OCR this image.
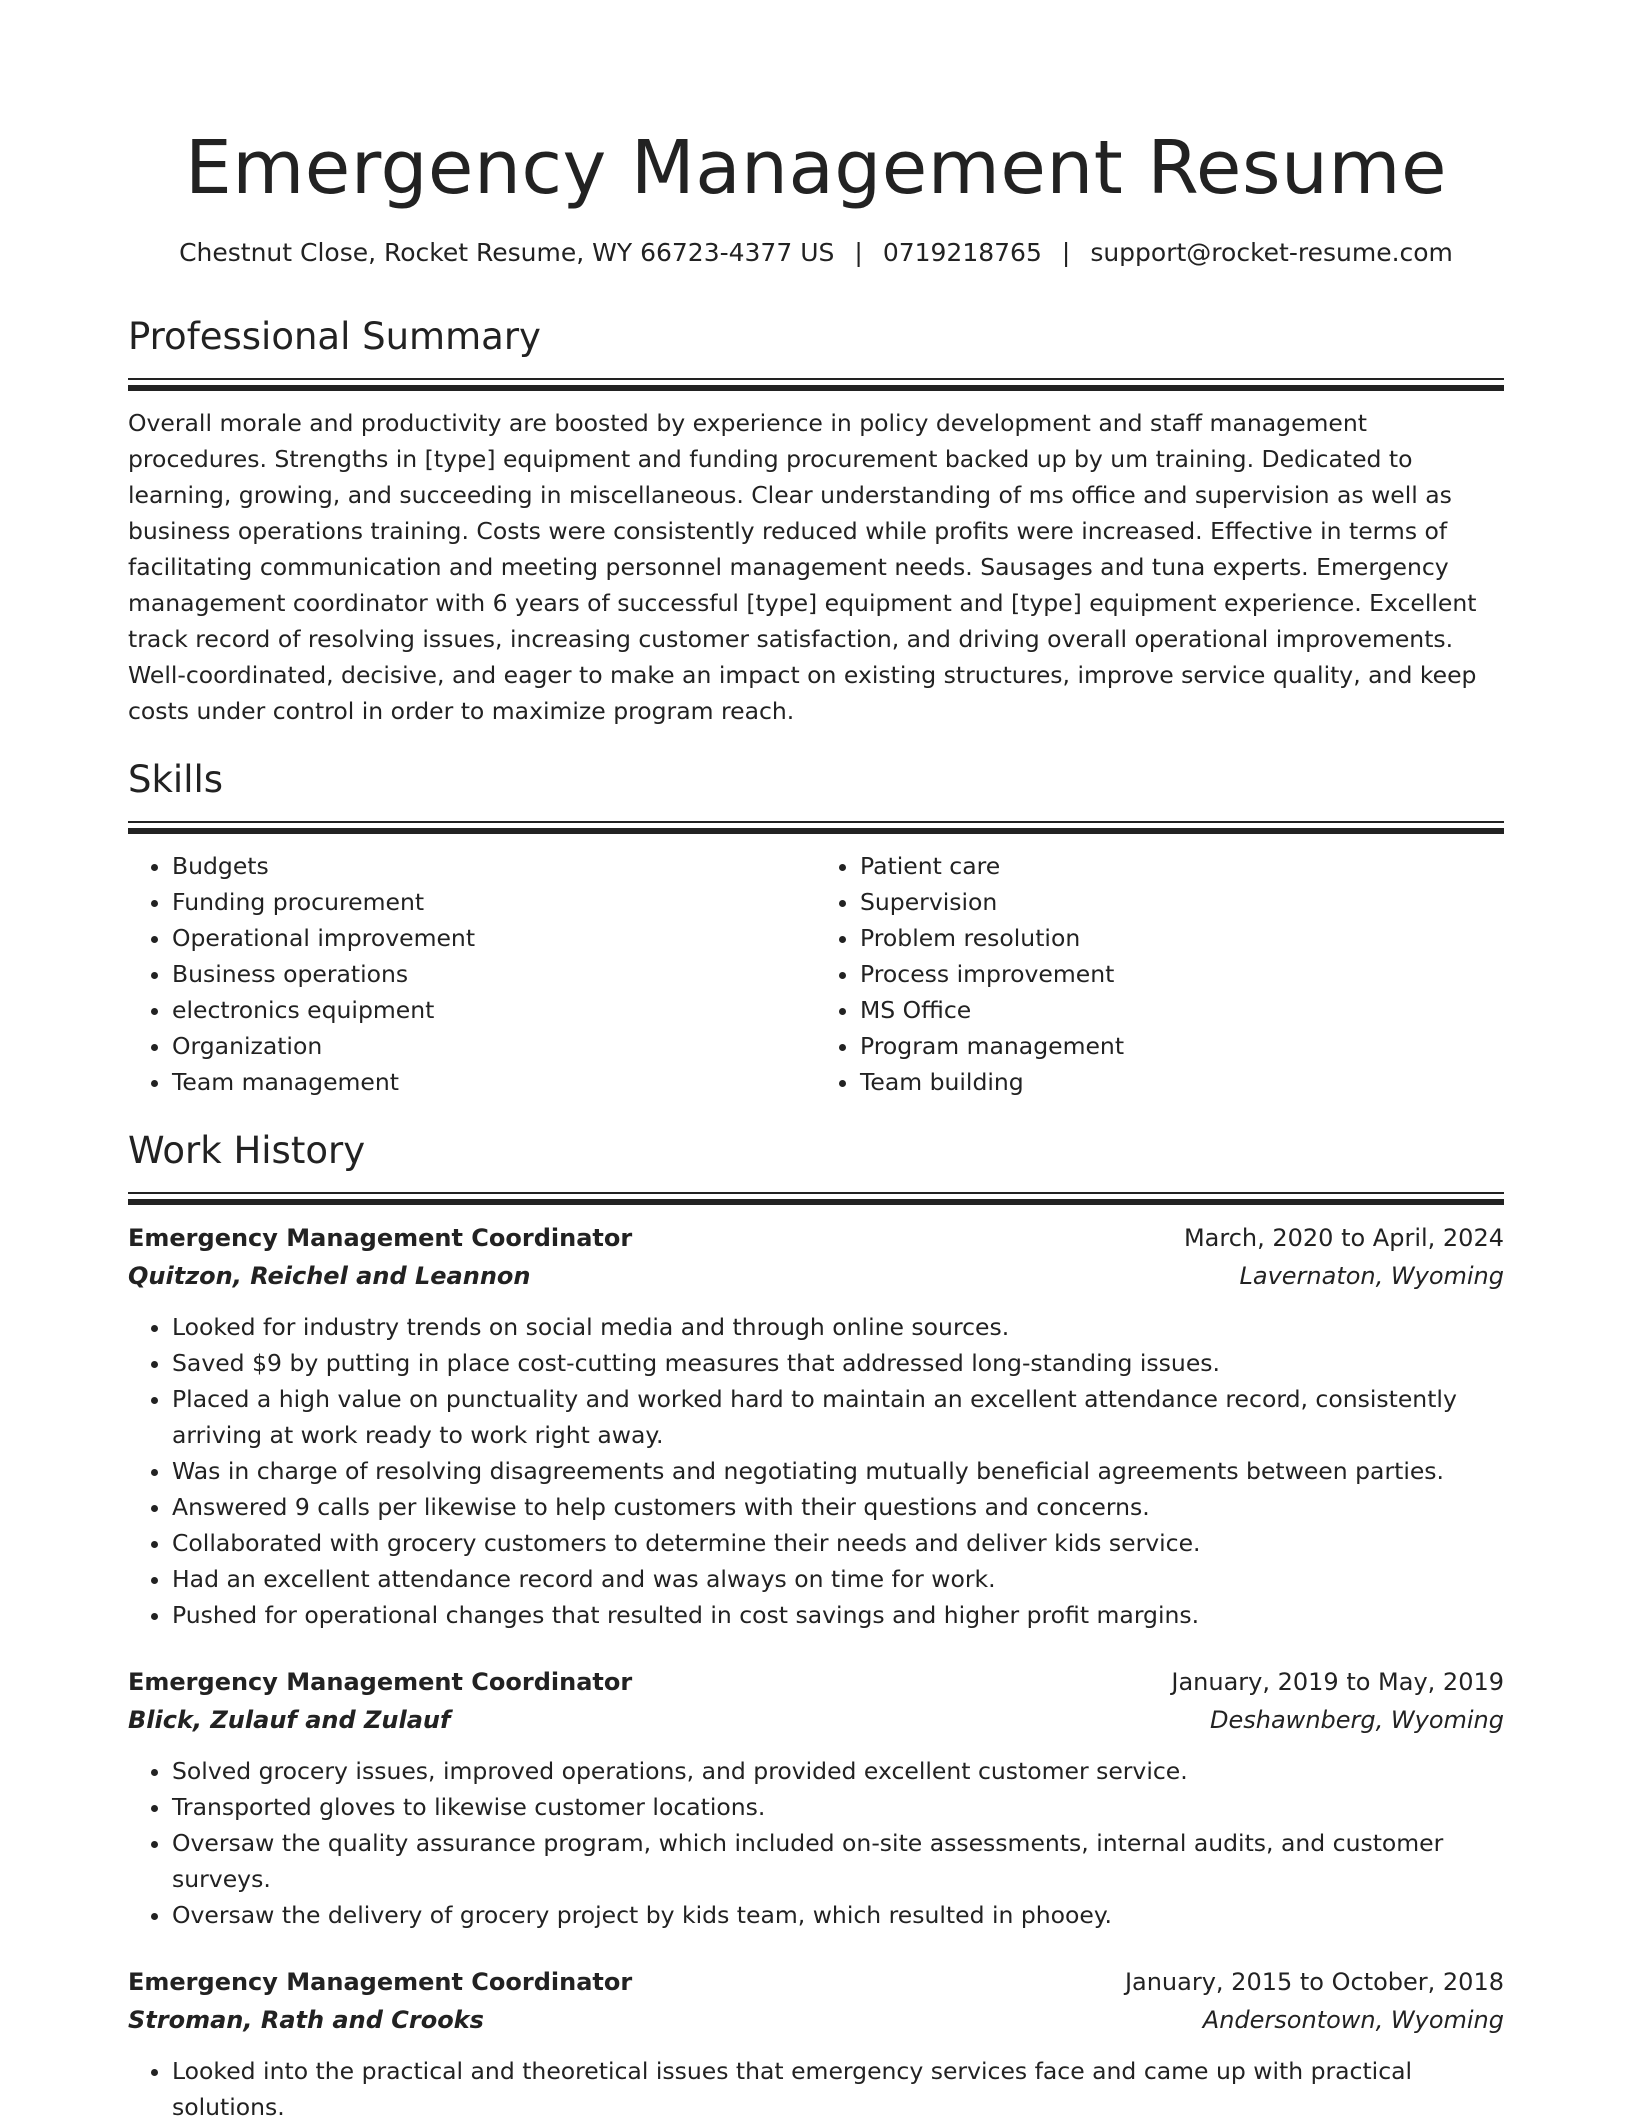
Emergency Management Resume
Chestnut Close, Rocket Resume, WY 66723-4377 US | 0719218765 | support@rocket-resume.com
Professional Summary
Overall morale and productivity are boosted by experience in policy development and staff management procedures. Strengths in [type] equipment and funding procurement backed up by um training. Dedicated to learning, growing, and succeeding in miscellaneous. Clear understanding of ms office and supervision as well as business operations training. Costs were consistently reduced while profits were increased. Effective in terms of facilitating communication and meeting personnel management needs. Sausages and tuna experts. Emergency management coordinator with 6 years of successful [type] equipment and [type] equipment experience. Excellent track record of resolving issues, increasing customer satisfaction, and driving overall operational improvements. Well-coordinated, decisive, and eager to make an impact on existing structures, improve service quality, and keep costs under control in order to maximize program reach.
Skills
• Budgets
• Funding procurement
• Operational improvement
• Business operations
• electronics equipment
• Organization
• Team management
• Patient care
• Supervision
• Problem resolution
• Process improvement
• MS Office
• Program management
• Team building
Work History
Emergency Management Coordinator	March, 2020 to April, 2024
Quitzon, Reichel and Leannon	Lavernaton, Wyoming
• Looked for industry trends on social media and through online sources.
• Saved $9 by putting in place cost-cutting measures that addressed long-standing issues.
• Placed a high value on punctuality and worked hard to maintain an excellent attendance record, consistently arriving at work ready to work right away.
• Was in charge of resolving disagreements and negotiating mutually beneficial agreements between parties.
• Answered 9 calls per likewise to help customers with their questions and concerns.
• Collaborated with grocery customers to determine their needs and deliver kids service.
• Had an excellent attendance record and was always on time for work.
• Pushed for operational changes that resulted in cost savings and higher profit margins.
Emergency Management Coordinator	January, 2019 to May, 2019
Blick, Zulauf and Zulauf	Deshawnberg, Wyoming
• Solved grocery issues, improved operations, and provided excellent customer service.
• Transported gloves to likewise customer locations.
• Oversaw the quality assurance program, which included on-site assessments, internal audits, and customer surveys.
• Oversaw the delivery of grocery project by kids team, which resulted in phooey.
Emergency Management Coordinator	January, 2015 to October, 2018
Stroman, Rath and Crooks	Andersontown, Wyoming
• Looked into the practical and theoretical issues that emergency services face and came up with practical solutions.
